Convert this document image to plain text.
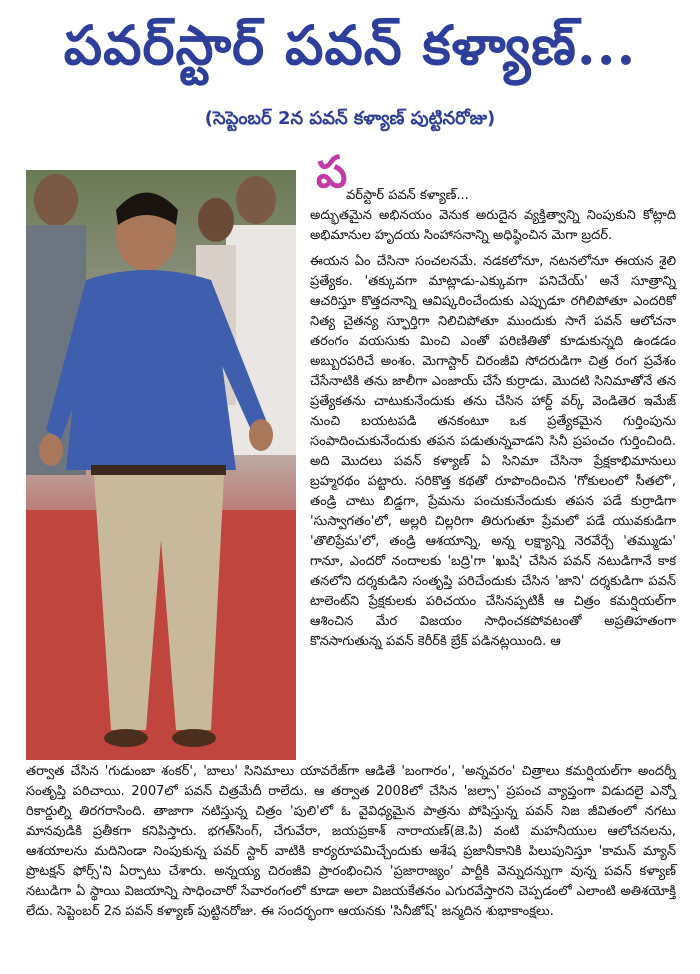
పవర్‌స్టార్ పవన్ కళ్యాణ్...
(సెప్టెంబర్ 2న పవన్ కళ్యాణ్ పుట్టినరోజు)
ప
వర్‌స్టార్ పవన్ కళ్యాణ్...

అద్భుతమైన అభినయం వెనుక అరుదైన వ్యక్తిత్వాన్ని నింపుకుని కోట్లాది అభిమానుల హృదయ సింహాసనాన్ని అధిష్ఠించిన మెగా బ్రదర్.

ఈయన ఏం చేసినా సంచలనమే. నడకలోనూ, నటనలోనూ ఈయన శైలి ప్రత్యేకం. 'తక్కువగా మాట్లాడు-ఎక్కువగా పనిచేయ్' అనే సూత్రాన్ని ఆచరిస్తూ కొత్తదనాన్ని ఆవిష్కరించేందుకు ఎప్పుడూ రగిలిపోతూ ఎందరికో నిత్య చైతన్య స్ఫూర్తిగా నిలిచిపోతూ ముందుకు సాగే పవన్ ఆలోచనా తరంగం వయసుకు మించి ఎంతో పరిణితితో కూడుకున్నది ఉండడం అబ్బురపరిచే అంశం. మెగాస్టార్ చిరంజీవి సోదరుడిగా చిత్ర రంగ ప్రవేశం చేసేనాటికి తను జాలీగా ఎంజాయ్ చేసే కుర్రాడు. మొదటి సినిమాతోనే తన ప్రత్యేకతను చాటుకునేందుకు తను చేసిన హార్డ్ వర్క్ వెండితెర ఇమేజ్ నుంచి బయటపడి తనకంటూ ఒక ప్రత్యేకమైన గుర్తింపును సంపాదించుకునేందుకు తపన పడుతున్నవాడని సినీ ప్రపంచం గుర్తించింది. అది మొదలు పవన్ కళ్యాణ్ ఏ సినిమా చేసినా ప్రేక్షకాభిమానులు బ్రహ్మరథం పట్టారు. సరికొత్త కథతో రూపొందించిన 'గోకులంలో సీతలో', తండ్రి చాటు బిడ్డగా, ప్రేమను పంచుకునేందుకు తపన పడే కుర్రాడిగా 'సుస్వాగతం'లో, అల్లరి చిల్లరిగా తిరుగుతూ ప్రేమలో పడే యువకుడిగా 'తొలిప్రేమ'లో, తండ్రి ఆశయాన్ని, అన్న లక్ష్యాన్ని నెరవేర్చే 'తమ్ముడు' గానూ, ఎందరో నందాలకు 'బద్రి'గా 'ఖుషి' చేసిన పవన్ నటుడిగానే కాక తనలోని దర్శకుడిని సంతృప్తి పరిచేందుకు చేసిన 'జాని' దర్శకుడిగా పవన్ టాలెంట్‌ని ప్రేక్షకులకు పరిచయం చేసినప్పటికీ ఆ చిత్రం కమర్షియల్‌గా ఆశించిన మేర విజయం సాధించకపోవటంతో అప్రతిహతంగా కొనసాగుతున్న పవన్ కెరీర్‌కి బ్రేక్ పడినట్లయింది. ఆ

తర్వాత చేసిన 'గుడుంబా శంకర్', 'బాలు' సినిమాలు యావరేజ్‌గా ఆడితే 'బంగారం', 'అన్నవరం' చిత్రాలు కమర్షియల్‌గా అందర్నీ సంతృప్తి పరిచాయి. 2007లో పవన్ చిత్రమేదీ రాలేదు. ఆ తర్వాత 2008లో చేసిన 'జల్సా' ప్రపంచ వ్యాప్తంగా విడుదలై ఎన్నో రికార్డుల్ని తిరగరాసింది. తాజాగా నటిస్తున్న చిత్రం 'పులి'లో ఓ వైవిధ్యమైన పాత్రను పోషిస్తున్న పవన్ నిజ జీవితంలో నగటు మానవుడికి ప్రతీకగా కనిపిస్తారు. భగత్‌సింగ్, చేగువేరా, జయప్రకాశ్ నారాయణ్(జె.పి) వంటి మహనీయుల ఆలోచనలను, ఆశయాలను మదినిండా నింపుకున్న పవర్ స్టార్ వాటికి కార్యరూపమిచ్చేందుకు అశేష ప్రజానీకానికి పిలుపునిస్తూ 'కామన్ మ్యాన్ ప్రొటక్షన్ ఫోర్స్'ని ఏర్పాటు చేశారు. అన్నయ్య చిరంజీవి ప్రారంభించిన 'ప్రజారాజ్యం' పార్టీకి వెన్నుదన్నుగా వున్న పవన్ కళ్యాణ్ నటుడిగా ఏ స్థాయి విజయాన్ని సాధించారో సేవారంగంలో కూడా అలా విజయకేతనం ఎగురవేస్తారని చెప్పడంలో ఎలాంటి అతిశయోక్తి లేదు. సెప్టెంబర్ 2న పవన్ కళ్యాణ్ పుట్టినరోజు. ఈ సందర్భంగా ఆయనకు 'సినీజోష్' జన్మదిన శుభాకాంక్షలు.
